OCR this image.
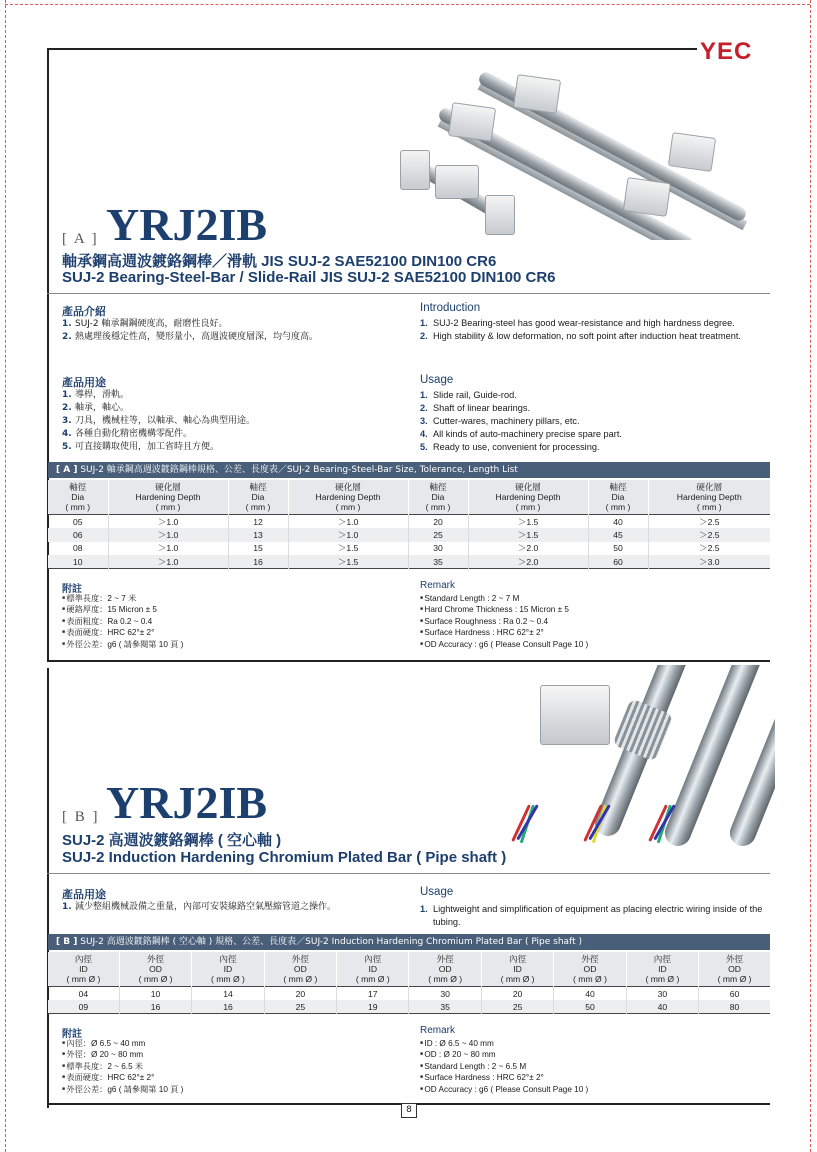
YEC
[ A ] YRJ2IB
軸承鋼高週波鍍鉻鋼棒／滑軌 JIS SUJ-2 SAE52100 DIN100 CR6
SUJ-2 Bearing-Steel-Bar / Slide-Rail JIS SUJ-2 SAE52100 DIN100 CR6
產品介紹
1. SUJ-2 軸承鋼鋼硬度高，耐磨性良好。
2. 熱處理後穩定性高，變形量小，高週波硬度層深，均勻度高。
Introduction
1. SUJ-2 Bearing-steel has good wear-resistance and high hardness degree.
2. High stability & low deformation, no soft point after induction heat treatment.
產品用途
1. 導桿，滑軌。
2. 軸承，軸心。
3. 刀具，機械柱等，以軸承、軸心為典型用途。
4. 各種自動化精密機構零配件。
5. 可直接購取使用，加工省時且方便。
Usage
1. Slide rail, Guide-rod.
2. Shaft of linear bearings.
3. Cutter-wares, machinery pillars, etc.
4. All kinds of auto-machinery precise spare part.
5. Ready to use, convenient for processing.
[ A ] SUJ-2 軸承鋼高週波鍍鉻鋼棒規格、公差、長度表／SUJ-2 Bearing-Steel-Bar Size, Tolerance, Length List
軸徑
Dia
( mm )	硬化層
Hardening Depth
( mm )	軸徑
Dia
( mm )	硬化層
Hardening Depth
( mm )	軸徑
Dia
( mm )	硬化層
Hardening Depth
( mm )	軸徑
Dia
( mm )	硬化層
Hardening Depth
( mm )
05	＞1.0	12	＞1.0	20	＞1.5	40	＞2.5
06	＞1.0	13	＞1.0	25	＞1.5	45	＞2.5
08	＞1.0	15	＞1.5	30	＞2.0	50	＞2.5
10	＞1.0	16	＞1.5	35	＞2.0	60	＞3.0
附註
■ 標準長度：2 ~ 7 米
■ 硬鉻厚度：15 Micron ± 5
■ 表面粗度：Ra 0.2 ~ 0.4
■ 表面硬度：HRC 62°± 2°
■ 外徑公差：g6 ( 請參閱第 10 頁 )
Remark
■ Standard Length : 2 ~ 7 M
■ Hard Chrome Thickness : 15 Micron ± 5
■ Surface Roughness : Ra 0.2 ~ 0.4
■ Surface Hardness : HRC 62°± 2°
■ OD Accuracy : g6 ( Please Consult Page 10 )
[ B ] YRJ2IB
SUJ-2 高週波鍍鉻鋼棒 ( 空心軸 )
SUJ-2 Induction Hardening Chromium Plated Bar ( Pipe shaft )
產品用途
1. 減少整組機械設備之重量，內部可安裝線路空氣壓縮管道之操作。
Usage
1. Lightweight and simplification of equipment as placing electric wiring inside of the tubing.
[ B ] SUJ-2 高週波鍍鉻鋼棒 ( 空心軸 ) 規格、公差、長度表／SUJ-2 Induction Hardening Chromium Plated Bar ( Pipe shaft )
內徑
ID
( mm Ø )	外徑
OD
( mm Ø )	內徑
ID
( mm Ø )	外徑
OD
( mm Ø )	內徑
ID
( mm Ø )	外徑
OD
( mm Ø )	內徑
ID
( mm Ø )	外徑
OD
( mm Ø )	內徑
ID
( mm Ø )	外徑
OD
( mm Ø )
04	10	14	20	17	30	20	40	30	60
09	16	16	25	19	35	25	50	40	80
附註
■ 內徑：Ø 6.5 ~ 40 mm
■ 外徑：Ø 20 ~ 80 mm
■ 標準長度：2 ~ 6.5 米
■ 表面硬度：HRC 62°± 2°
■ 外徑公差：g6 ( 請參閱第 10 頁 )
Remark
■ ID : Ø 6.5 ~ 40 mm
■ OD : Ø 20 ~ 80 mm
■ Standard Length : 2 ~ 6.5 M
■ Surface Hardness : HRC 62°± 2°
■ OD Accuracy : g6 ( Please Consult Page 10 )
8
